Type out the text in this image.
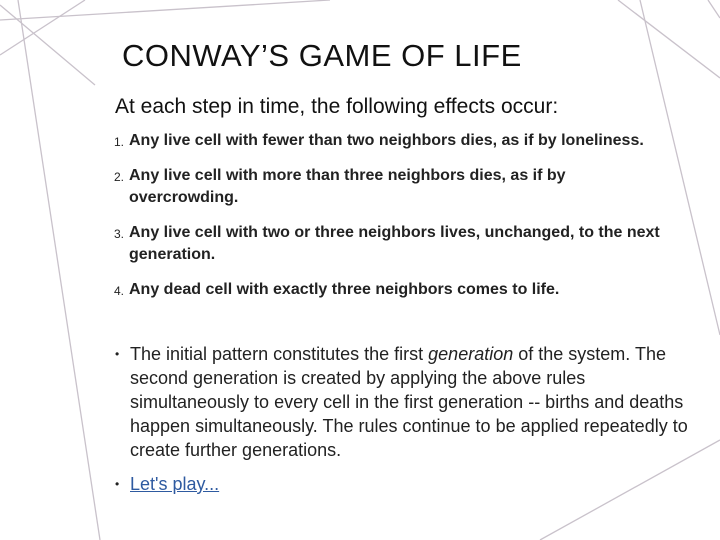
CONWAY’S GAME OF LIFE

At each step in time, the following effects occur:

1. Any live cell with fewer than two neighbors dies, as if by loneliness.
2. Any live cell with more than three neighbors dies, as if by overcrowding.
3. Any live cell with two or three neighbors lives, unchanged, to the next generation.
4. Any dead cell with exactly three neighbors comes to life.
• The initial pattern constitutes the first generation of the system. The second generation is created by applying the above rules simultaneously to every cell in the first generation -- births and deaths happen simultaneously. The rules continue to be applied repeatedly to create further generations.
• Let's play...
